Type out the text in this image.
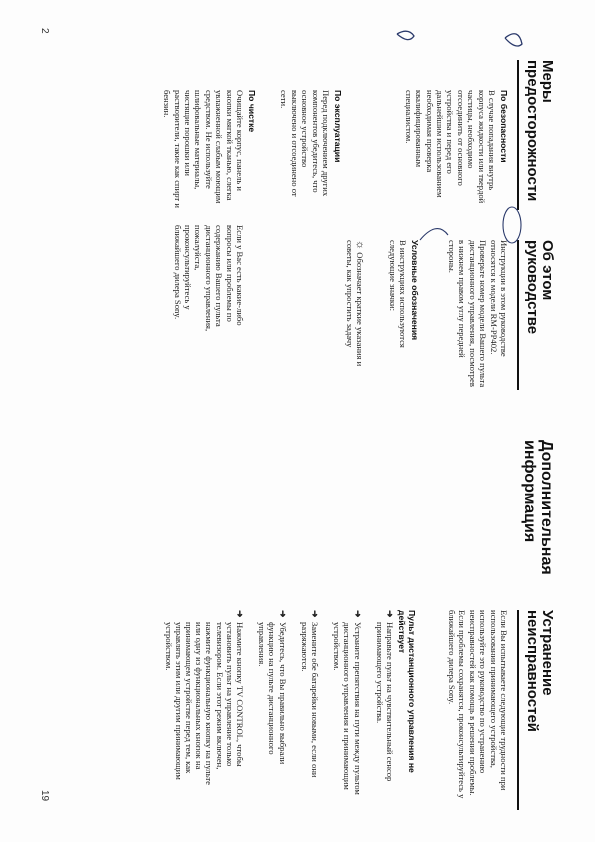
2
Меры предосторожности
По безопасности
В случае попадания внутрь корпуса жидкости или твердой частицы, необходимо отсоединить от основного устройства и перед его дальнейшим использованием необходимая проверка квалифицированным специалистом.
По эксплуатации
Перед подключением других компонентов убедитесь, что основное устройство выключено и отсоединено от сети.
По чистке
Очищайте корпус, панель и кнопки мягкой тканью, слегка увлажненной слабым моющим средством. Не используйте шлифовальные материалы, чистящие порошки или растворители, такие как спирт и бензин.
Если у Вас есть какие-либо вопросы или проблемы по содержанию Вашего пульта дистанционного управления, пожалуйста, проконсультируйтесь у ближайшего дилера Sony.	Об этом руководстве
Инструкции в этом руководстве относятся к модели RM-PP402. Проверьте номер модели Вашего пульта дистанционного управления, посмотрев в нижнем правом углу передней стороны.
Условные обозначения
В инструкциях используются следующие значки:
☼ Обозначает краткие указания и советы, как упростить задачу
Дополнительная информация
Устранение неисправностей
Если Вы испытываете следующие трудности при использовании принимающего устройства, используйте это руководство по устранению неисправностей как помощь в решении проблемы. Если проблемы сохранятся, проконсультируйтесь у ближайшего дилера Sony.
Пульт дистанционного управления не действует
➜
Направьте пульт на чувствительный сенсор принимающего устройства.
➜
Устраните препятствия на пути между пультом дистанционного управления и принимающим устройством.
➜
Замените обе батарейки новыми, если они разряжаются.
➜
Убедитесь, что Вы правильно выбрали функцию на пульте дистанционного управления.
➜
Нажмите кнопку TV CONTROL, чтобы установить пульт на управление только телевизором. Если этот режим включен, нажмите функциональную кнопку на пульте или одну из функциональных кнопок на принимающем устройстве перед тем, как управлять этим или другим принимающим устройством.
19
